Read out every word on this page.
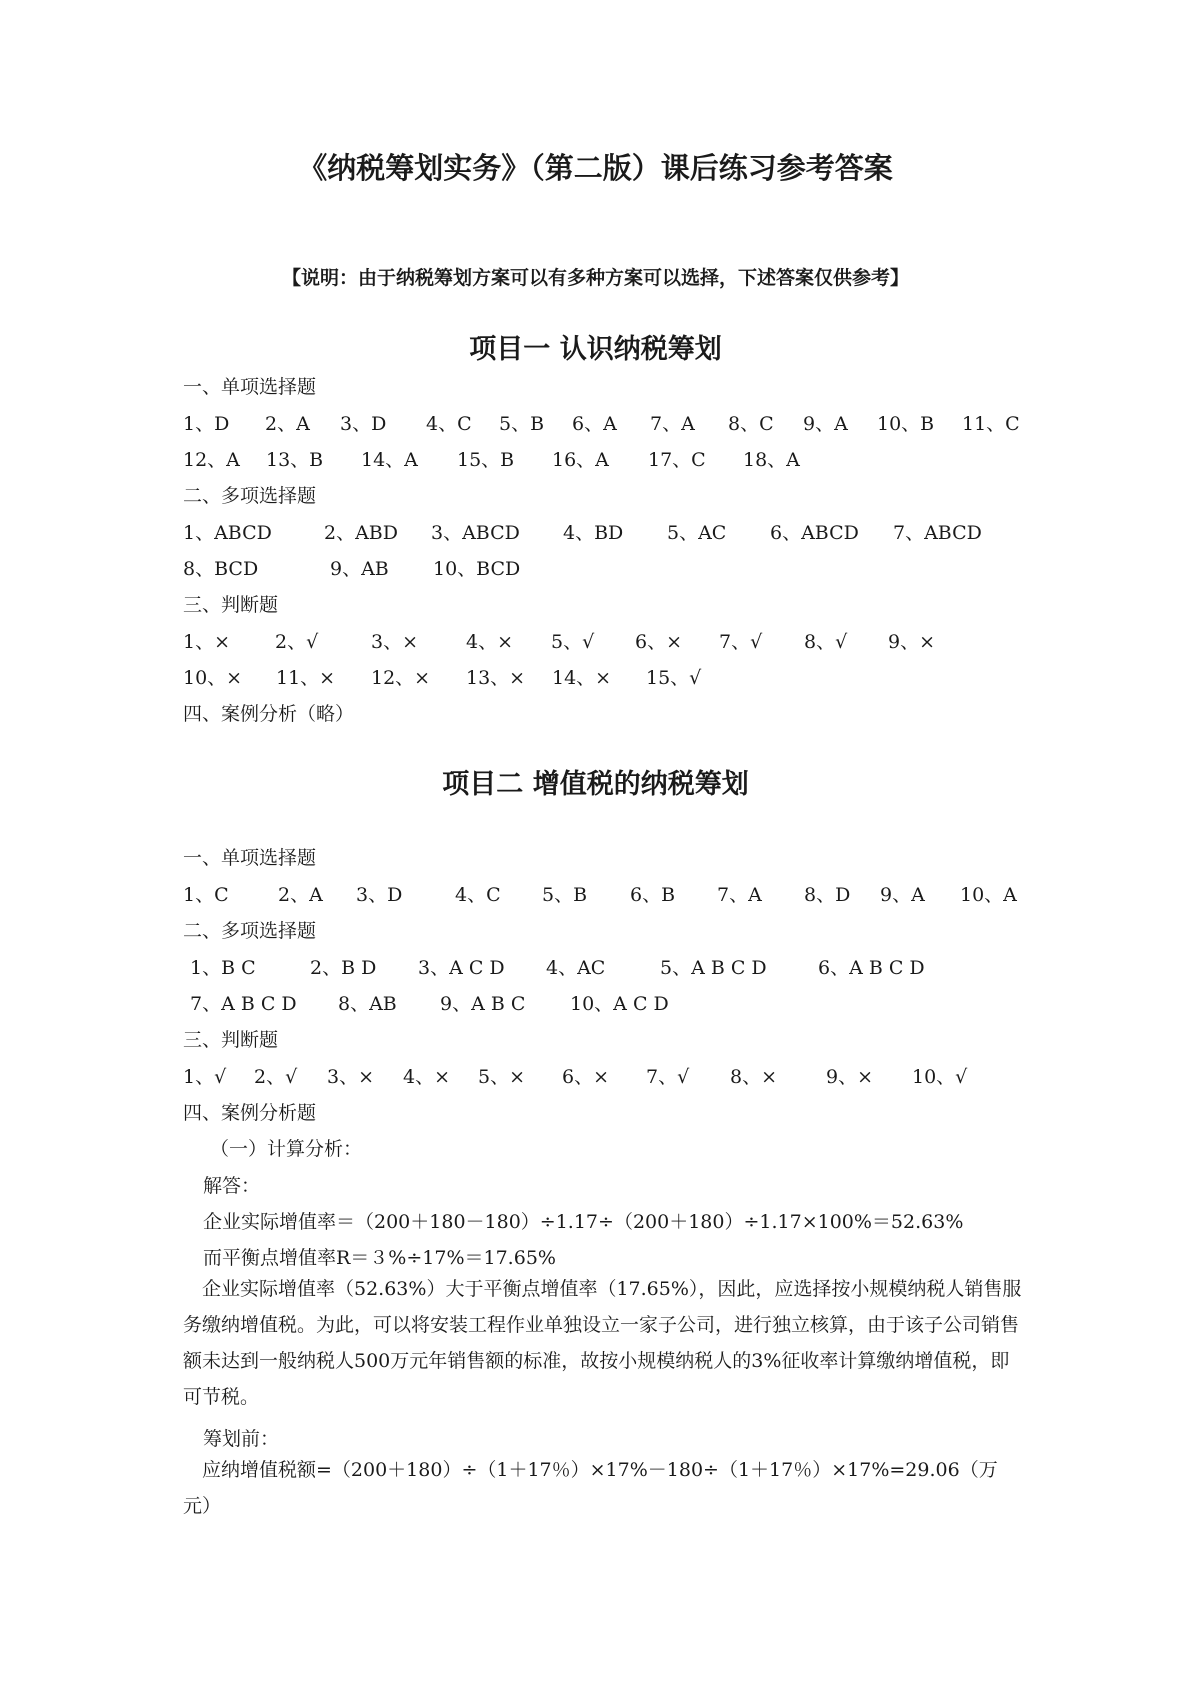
《纳税筹划实务》（第二版）课后练习参考答案
【说明：由于纳税筹划方案可以有多种方案可以选择，下述答案仅供参考】
项目一 认识纳税筹划
一、单项选择题
1、D 2、A 3、D 4、C 5、B 6、A 7、A 8、C 9、A 10、B 11、C
12、A 13、B 14、A 15、B 16、A 17、C 18、A
二、多项选择题
1、ABCD	2、ABD 3、ABCD 4、BD 5、AC 6、ABCD 7、ABCD
8、BCD	9、AB 10、BCD
三、判断题
1、× 2、√	3、×	4、× 5、√ 6、× 7、√ 8、√ 9、×
10、× 11、× 12、× 13、× 14、× 15、√
四、案例分析（略）
项目二 增值税的纳税筹划
一、单项选择题
1、C	2、A 3、D	4、C 5、B 6、B 7、A 8、D 9、A 10、A
二、多项选择题
1、B C	2、B D 3、A C D 4、AC	5、A B C D	6、A B C D
7、A B C D 8、AB 9、A B C 10、A C D
三、判断题
1、√ 2、√ 3、× 4、× 5、× 6、× 7、√ 8、×	9、× 10、√
四、案例分析题
（一）计算分析：
解答：
企业实际增值率＝（200＋180－180）÷1.17÷（200＋180）÷1.17×100%＝52.63%
而平衡点增值率R＝３%÷17%＝17.65%
企业实际增值率（52.63%）大于平衡点增值率（17.65%），因此，应选择按小规模纳税人销售服务缴纳增值税。为此，可以将安装工程作业单独设立一家子公司，进行独立核算，由于该子公司销售额未达到一般纳税人500万元年销售额的标准，故按小规模纳税人的3%征收率计算缴纳增值税，即可节税。
筹划前：
应纳增值税额=（200＋180）÷（1＋17％）×17%－180÷（1＋17％）×17%=29.06（万元）
